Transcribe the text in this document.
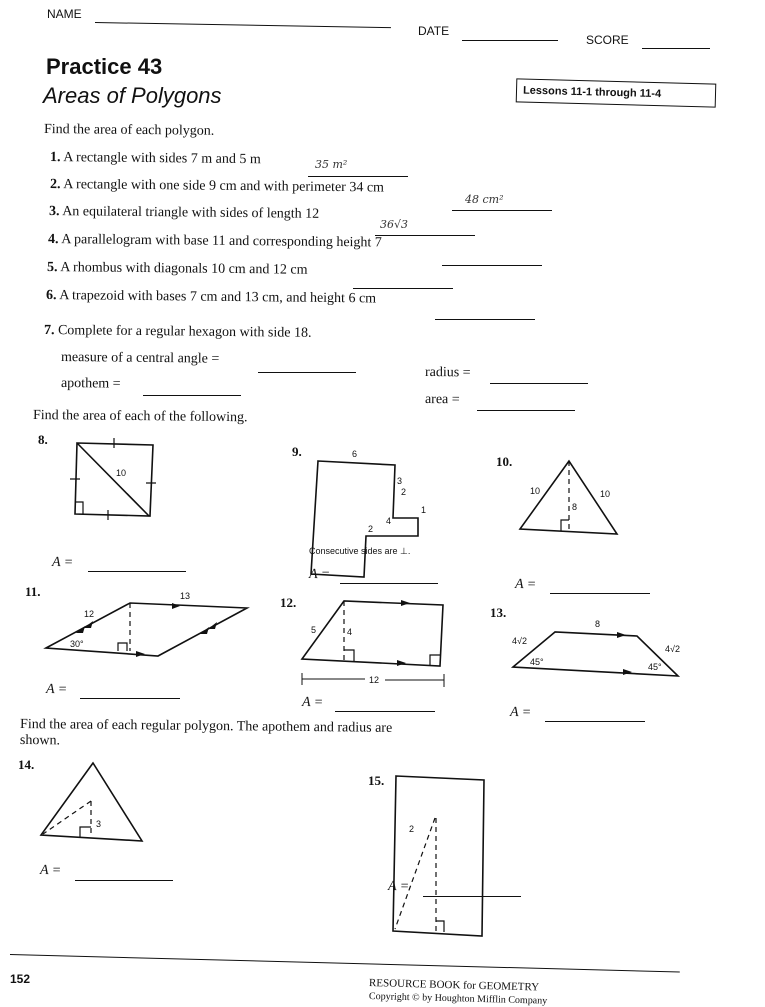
NAME
DATE
SCORE
Practice 43
Areas of Polygons	Lessons 11-1 through 11-4
Find the area of each polygon.
1. A rectangle with sides 7 m and 5 m	35 m²
2. A rectangle with one side 9 cm and with perimeter 34 cm
48 cm²
3. An equilateral triangle with sides of length 12
36√3
4. A parallelogram with base 11 and corresponding height 7
5. A rhombus with diagonals 10 cm and 12 cm
6. A trapezoid with bases 7 cm and 13 cm, and height 6 cm
7. Complete for a regular hexagon with side 18.
measure of a central angle =
radius =
apothem =
area =
Find the area of each of the following.
8.
9.
10.
11.
12.
13.
Consecutive sides are ⊥.
A =
A =
A =
A =
A =
A =
Find the area of each regular polygon. The apothem and radius are
shown.
14.
15.
A =
A =
10
6
3
2
1
4
2
10	10
8
12
13
30°
5	4
12
8
4√2
4√2
45°	45°
3	2
152	RESOURCE BOOK for GEOMETRY
Copyright © by Houghton Mifflin Company
